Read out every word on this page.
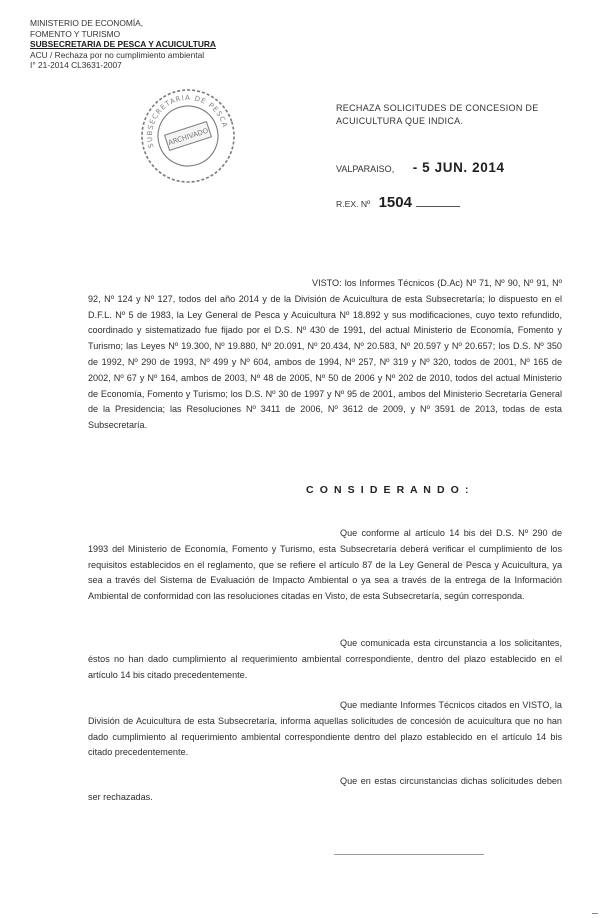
MINISTERIO DE ECONOMÍA,
FOMENTO Y TURISMO
SUBSECRETARIA DE PESCA Y ACUICULTURA
ACU / Rechaza por no cumplimiento ambiental
I° 21-2014 CL3631-2007
SUBSECRETARIA DE PESCA
ARCHIVADO
RECHAZA SOLICITUDES DE CONCESION DE ACUICULTURA QUE INDICA.
VALPARAISO, - 5 JUN. 2014
R.EX. Nº 1504

VISTO: los Informes Técnicos (D.Ac) Nº 71, Nº 90, Nº 91, Nº 92, Nº 124 y Nº 127, todos del año 2014 y de la División de Acuicultura de esta Subsecretaría; lo dispuesto en el D.F.L. Nº 5 de 1983, la Ley General de Pesca y Acuicultura Nº 18.892 y sus modificaciones, cuyo texto refundido, coordinado y sistematizado fue fijado por el D.S. Nº 430 de 1991, del actual Ministerio de Economía, Fomento y Turismo; las Leyes Nº 19.300, Nº 19.880, Nº 20.091, Nº 20.434, Nº 20.583, Nº 20.597 y Nº 20.657; los D.S. Nº 350 de 1992, Nº 290 de 1993, Nº 499 y Nº 604, ambos de 1994, Nº 257, Nº 319 y Nº 320, todos de 2001, Nº 165 de 2002, Nº 67 y Nº 164, ambos de 2003, Nº 48 de 2005, Nº 50 de 2006 y Nº 202 de 2010, todos del actual Ministerio de Economía, Fomento y Turismo; los D.S. Nº 30 de 1997 y Nº 95 de 2001, ambos del Ministerio Secretaría General de la Presidencia; las Resoluciones Nº 3411 de 2006, Nº 3612 de 2009, y Nº 3591 de 2013, todas de esta Subsecretaría.

C O N S I D E R A N D O :

Que conforme al artículo 14 bis del D.S. Nº 290 de 1993 del Ministerio de Economía, Fomento y Turismo, esta Subsecretaría deberá verificar el cumplimiento de los requisitos establecidos en el reglamento, que se refiere el artículo 87 de la Ley General de Pesca y Acuicultura, ya sea a través del Sistema de Evaluación de Impacto Ambiental o ya sea a través de la entrega de la Información Ambiental de conformidad con las resoluciones citadas en Visto, de esta Subsecretaría, según corresponda.

Que comunicada esta circunstancia a los solicitantes, éstos no han dado cumplimiento al requerimiento ambiental correspondiente, dentro del plazo establecido en el artículo 14 bis citado precedentemente.

Que mediante Informes Técnicos citados en VISTO, la División de Acuicultura de esta Subsecretaría, informa aquellas solicitudes de concesión de acuicultura que no han dado cumplimiento al requerimiento ambiental correspondiente dentro del plazo establecido en el artículo 14 bis citado precedentemente.

Que en estas circunstancias dichas solicitudes deben ser rechazadas.
